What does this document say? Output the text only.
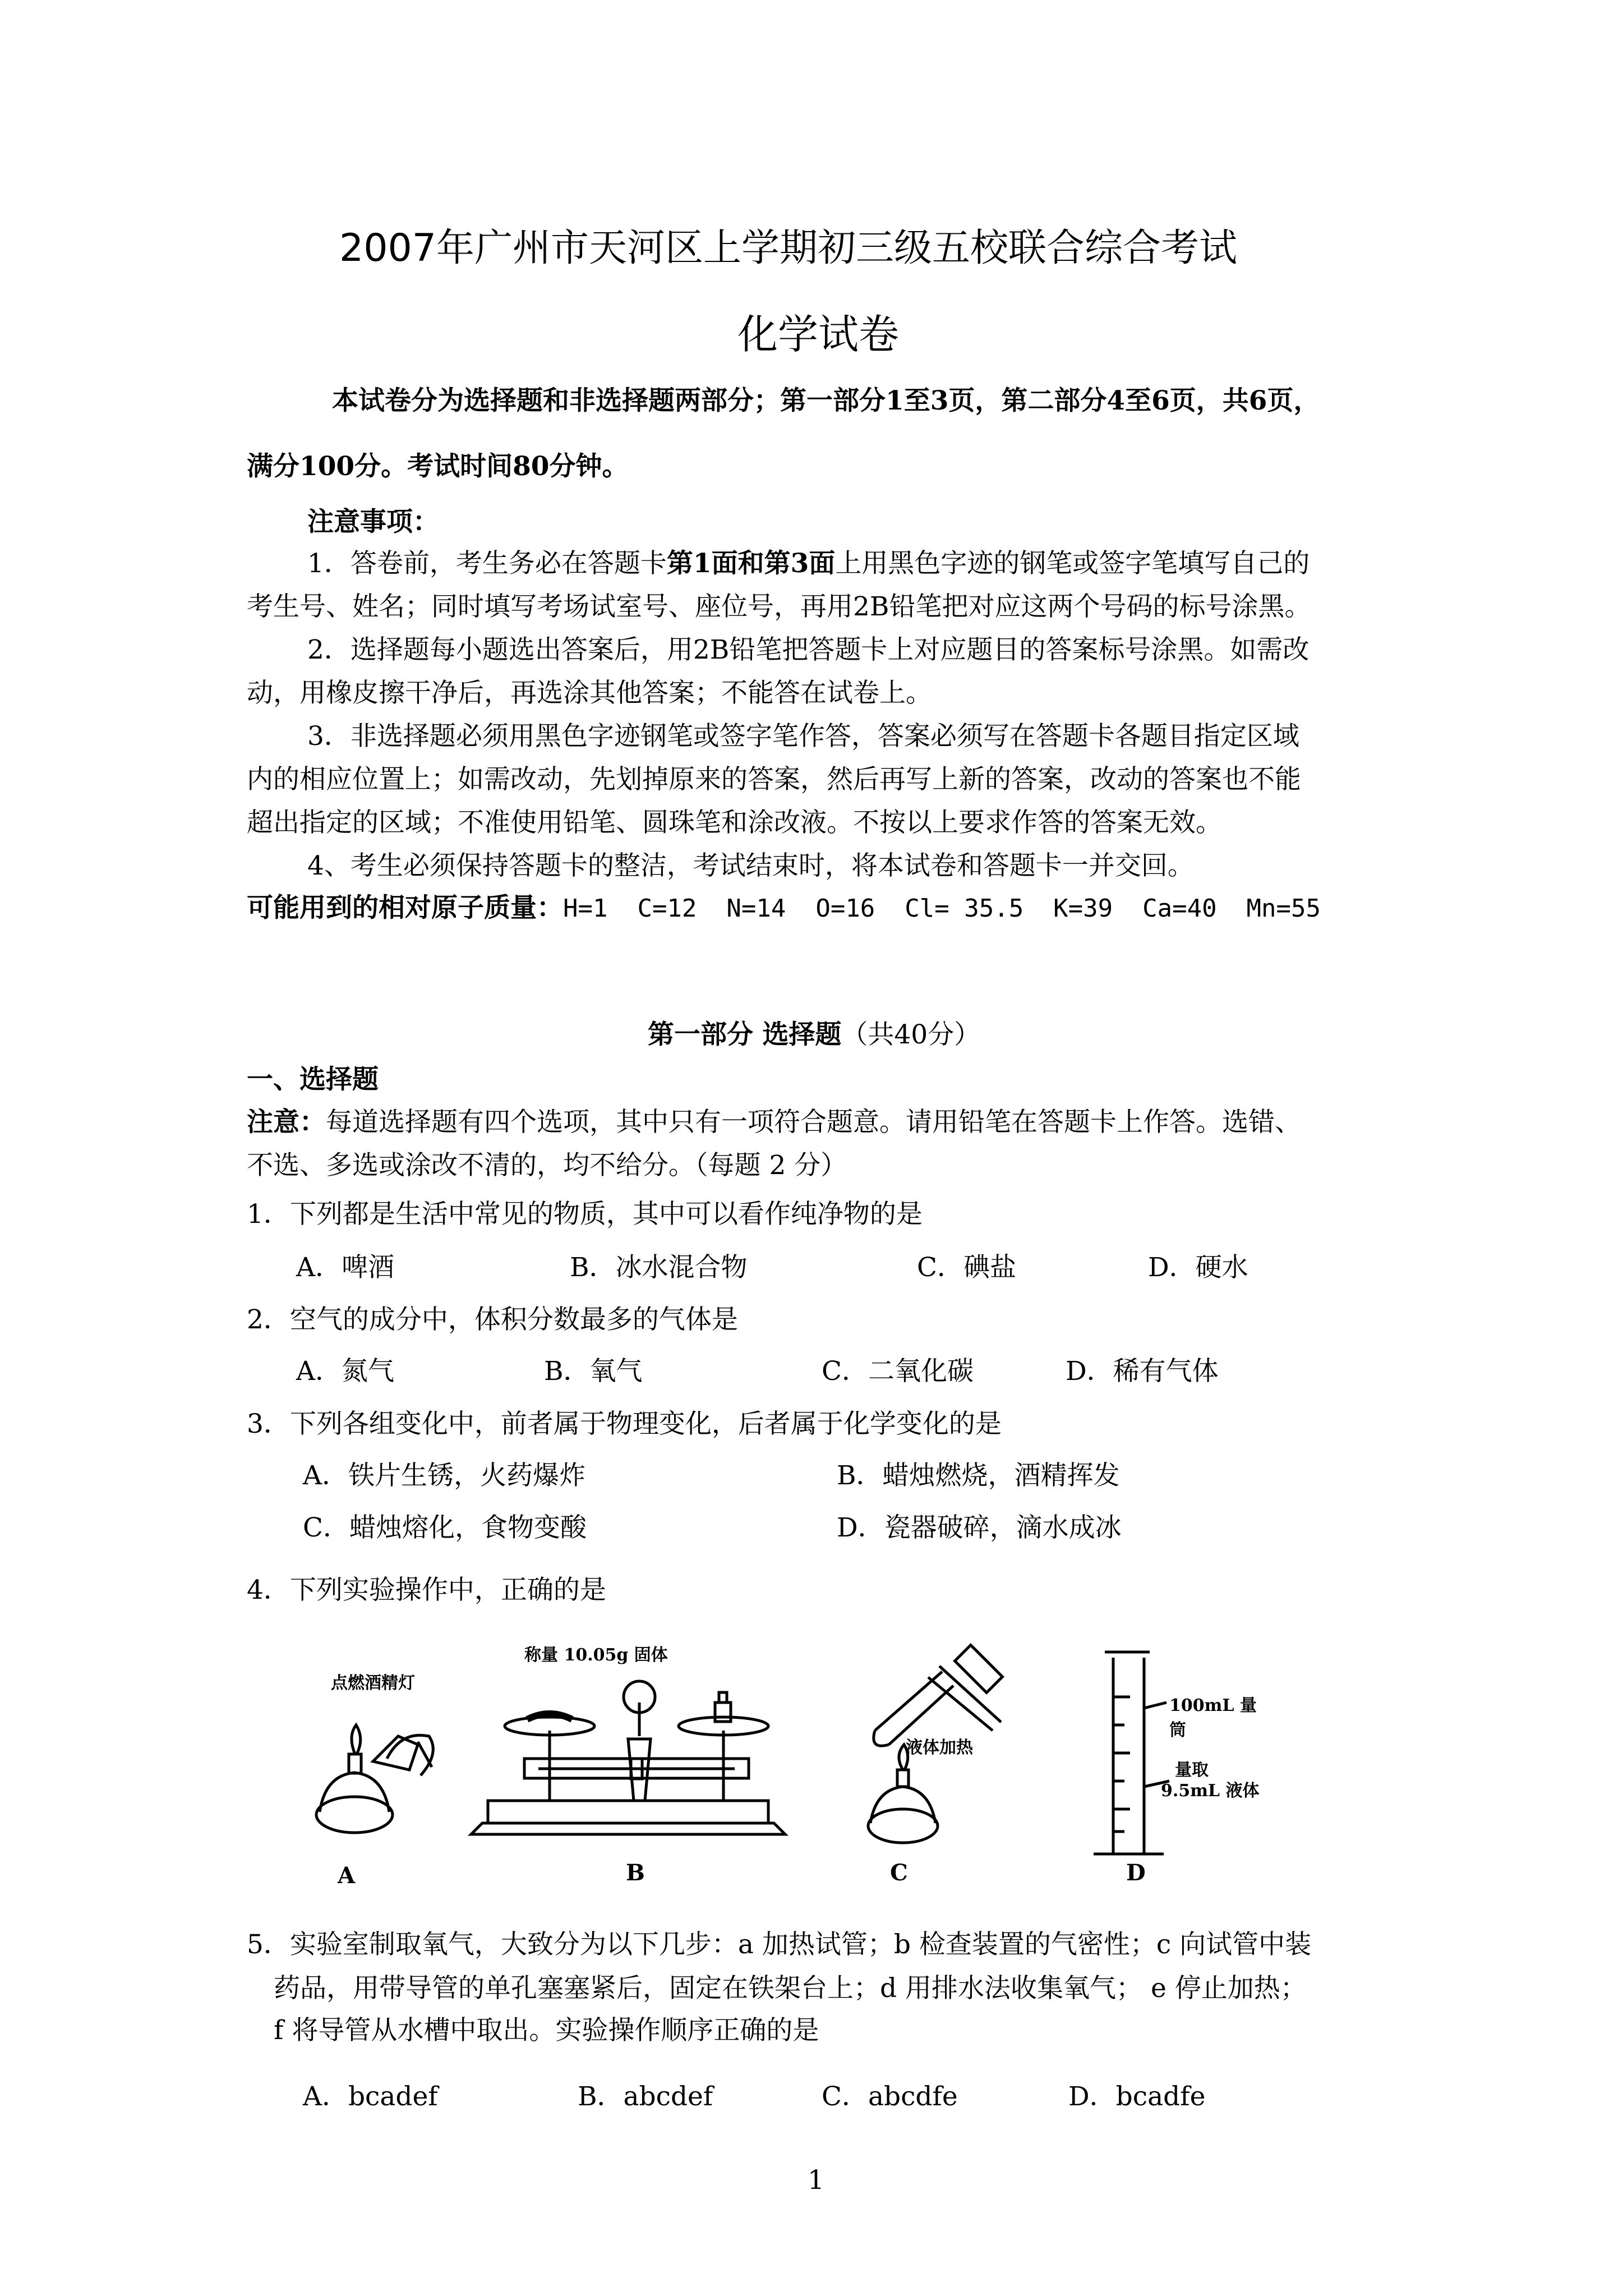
2007年广州市天河区上学期初三级五校联合综合考试
化学试卷
本试卷分为选择题和非选择题两部分；第一部分1至3页，第二部分4至6页，共6页，
满分100分。考试时间80分钟。
注意事项：
1．答卷前，考生务必在答题卡第1面和第3面上用黑色字迹的钢笔或签字笔填写自己的
考生号、姓名；同时填写考场试室号、座位号，再用2B铅笔把对应这两个号码的标号涂黑。
2．选择题每小题选出答案后，用2B铅笔把答题卡上对应题目的答案标号涂黑。如需改
动，用橡皮擦干净后，再选涂其他答案；不能答在试卷上。
3．非选择题必须用黑色字迹钢笔或签字笔作答，答案必须写在答题卡各题目指定区域
内的相应位置上；如需改动，先划掉原来的答案，然后再写上新的答案，改动的答案也不能
超出指定的区域；不准使用铅笔、圆珠笔和涂改液。不按以上要求作答的答案无效。
4、考生必须保持答题卡的整洁，考试结束时，将本试卷和答题卡一并交回。
可能用到的相对原子质量：H=1  C=12  N=14  O=16  Cl= 35.5  K=39  Ca=40  Mn=55
第一部分 选择题（共40分）
一、选择题
注意：每道选择题有四个选项，其中只有一项符合题意。请用铅笔在答题卡上作答。选错、
不选、多选或涂改不清的，均不给分。（每题 2 分）
1．下列都是生活中常见的物质，其中可以看作纯净物的是
A．啤酒	B．冰水混合物	C．碘盐	D．硬水
2．空气的成分中，体积分数最多的气体是
A．氮气	B．氧气	C．二氧化碳	D．稀有气体
3．下列各组变化中，前者属于物理变化，后者属于化学变化的是
A．铁片生锈，火药爆炸	B．蜡烛燃烧，酒精挥发
C．蜡烛熔化，食物变酸	D．瓷器破碎，滴水成冰
4．下列实验操作中，正确的是
点燃酒精灯
称量 10.05g 固体
液体加热
100mL 量筒
量取
9.5mL 液体
A	B	C	D
5．实验室制取氧气，大致分为以下几步：a 加热试管；b 检查装置的气密性；c 向试管中装
药品，用带导管的单孔塞塞紧后，固定在铁架台上；d 用排水法收集氧气； e 停止加热；
f 将导管从水槽中取出。实验操作顺序正确的是
A．bcadef	B．abcdef	C．abcdfe	D．bcadfe
1
